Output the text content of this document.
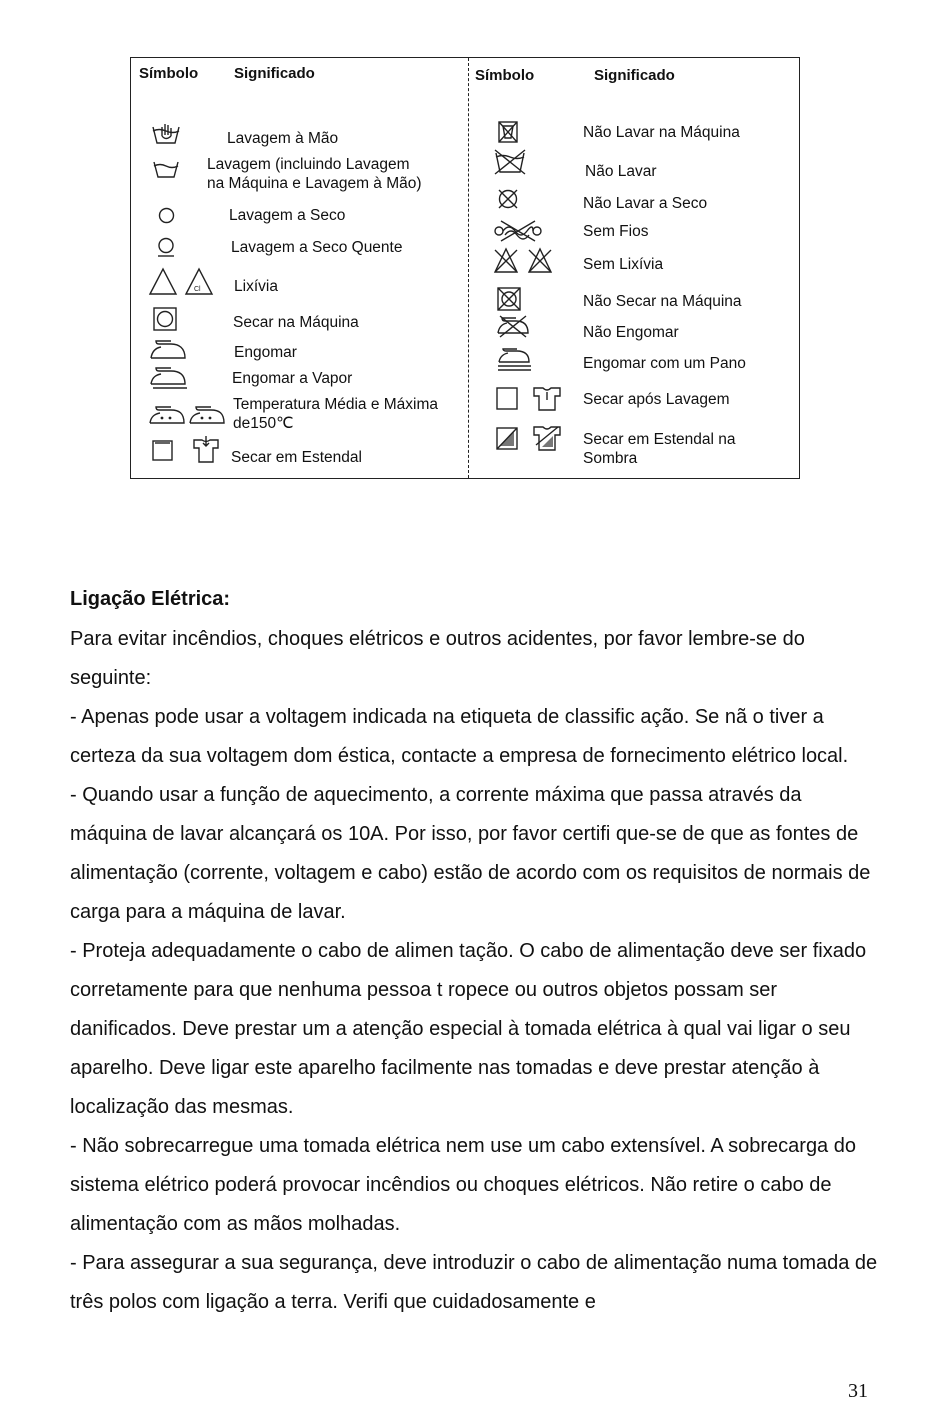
Símbolo Significado	Símbolo	Significado
Lavagem à Mão
Lavagem (incluindo Lavagem
na Máquina e Lavagem à Mão)
Lavagem a Seco
Lavagem a Seco Quente
Cl Lixívia
Secar na Máquina
Engomar
Engomar a Vapor
Temperatura Média e Máxima
de150℃
Secar em Estendal
Não Lavar na Máquina
Não Lavar
Não Lavar a Seco
Sem Fios
Sem Lixívia
Não Secar na Máquina
Não Engomar
Engomar com um Pano
Secar após Lavagem
Secar em Estendal na
Sombra
Ligação Elétrica:

Para evitar incêndios, choques elétricos e outros acidentes, por favor lembre-se do seguinte:

- Apenas pode usar a voltagem indicada na etiqueta de classific ação. Se nã o tiver a certeza da sua voltagem dom éstica, contacte a empresa de fornecimento elétrico local.

- Quando usar a função de aquecimento, a corrente máxima que passa através da máquina de lavar alcançará os 10A. Por isso, por favor certifi que-se de que as fontes de alimentação (corrente, voltagem e cabo) estão de acordo com os requisitos de normais de carga para a máquina de lavar.

- Proteja adequadamente o cabo de alimen tação. O cabo de alimentação deve ser fixado corretamente para que nenhuma pessoa t ropece ou outros objetos possam ser danificados. Deve prestar um a atenção especial à tomada elétrica à qual vai ligar o seu aparelho. Deve ligar este aparelho facilmente nas tomadas e deve prestar atenção à localização das mesmas.

- Não sobrecarregue uma tomada elétrica nem use um cabo extensível. A sobrecarga do sistema elétrico poderá provocar incêndios ou choques elétricos. Não retire o cabo de alimentação com as mãos molhadas.

- Para assegurar a sua segurança, deve introduzir o cabo de alimentação numa tomada de três polos com ligação a terra. Verifi que cuidadosamente e

31
